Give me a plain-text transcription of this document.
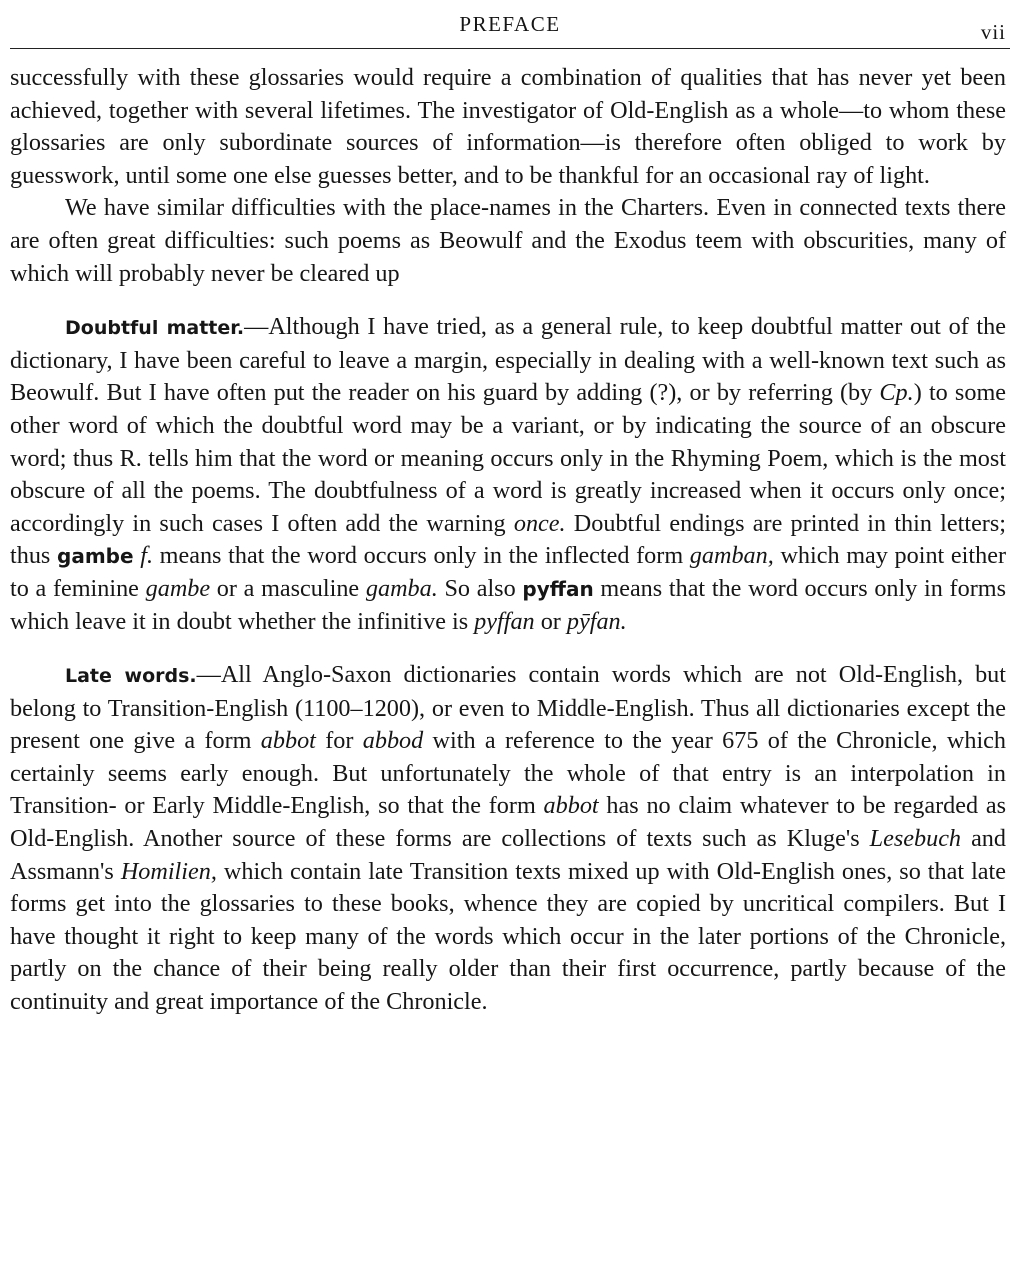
PREFACE	vii

successfully with these glossaries would require a combination of qualities that has never yet been achieved, together with several lifetimes. The investigator of Old-English as a whole—to whom these glossaries are only subordinate sources of information—is therefore often obliged to work by guesswork, until some one else guesses better, and to be thankful for an occasional ray of light.

We have similar difficulties with the place-names in the Charters. Even in connected texts there are often great difficulties: such poems as Beowulf and the Exodus teem with obscurities, many of which will probably never be cleared up

Doubtful matter.—Although I have tried, as a general rule, to keep doubtful matter out of the dictionary, I have been careful to leave a margin, especially in dealing with a well-known text such as Beowulf. But I have often put the reader on his guard by adding (?), or by referring (by Cp.) to some other word of which the doubtful word may be a variant, or by indicating the source of an obscure word; thus R. tells him that the word or meaning occurs only in the Rhyming Poem, which is the most obscure of all the poems. The doubtfulness of a word is greatly increased when it occurs only once; accordingly in such cases I often add the warning once. Doubtful endings are printed in thin letters; thus gambe f. means that the word occurs only in the inflected form gamban, which may point either to a feminine gambe or a masculine gamba. So also pyffan means that the word occurs only in forms which leave it in doubt whether the infinitive is pyffan or pȳfan.

Late words.—All Anglo-Saxon dictionaries contain words which are not Old-English, but belong to Transition-English (1100–1200), or even to Middle-English. Thus all dictionaries except the present one give a form abbot for abbod with a reference to the year 675 of the Chronicle, which certainly seems early enough. But unfortunately the whole of that entry is an interpolation in Transition- or Early Middle-English, so that the form abbot has no claim whatever to be regarded as Old-English. Another source of these forms are collections of texts such as Kluge's Lesebuch and Assmann's Homilien, which contain late Transition texts mixed up with Old-English ones, so that late forms get into the glossaries to these books, whence they are copied by uncritical compilers. But I have thought it right to keep many of the words which occur in the later portions of the Chronicle, partly on the chance of their being really older than their first occurrence, partly because of the continuity and great importance of the Chronicle.
